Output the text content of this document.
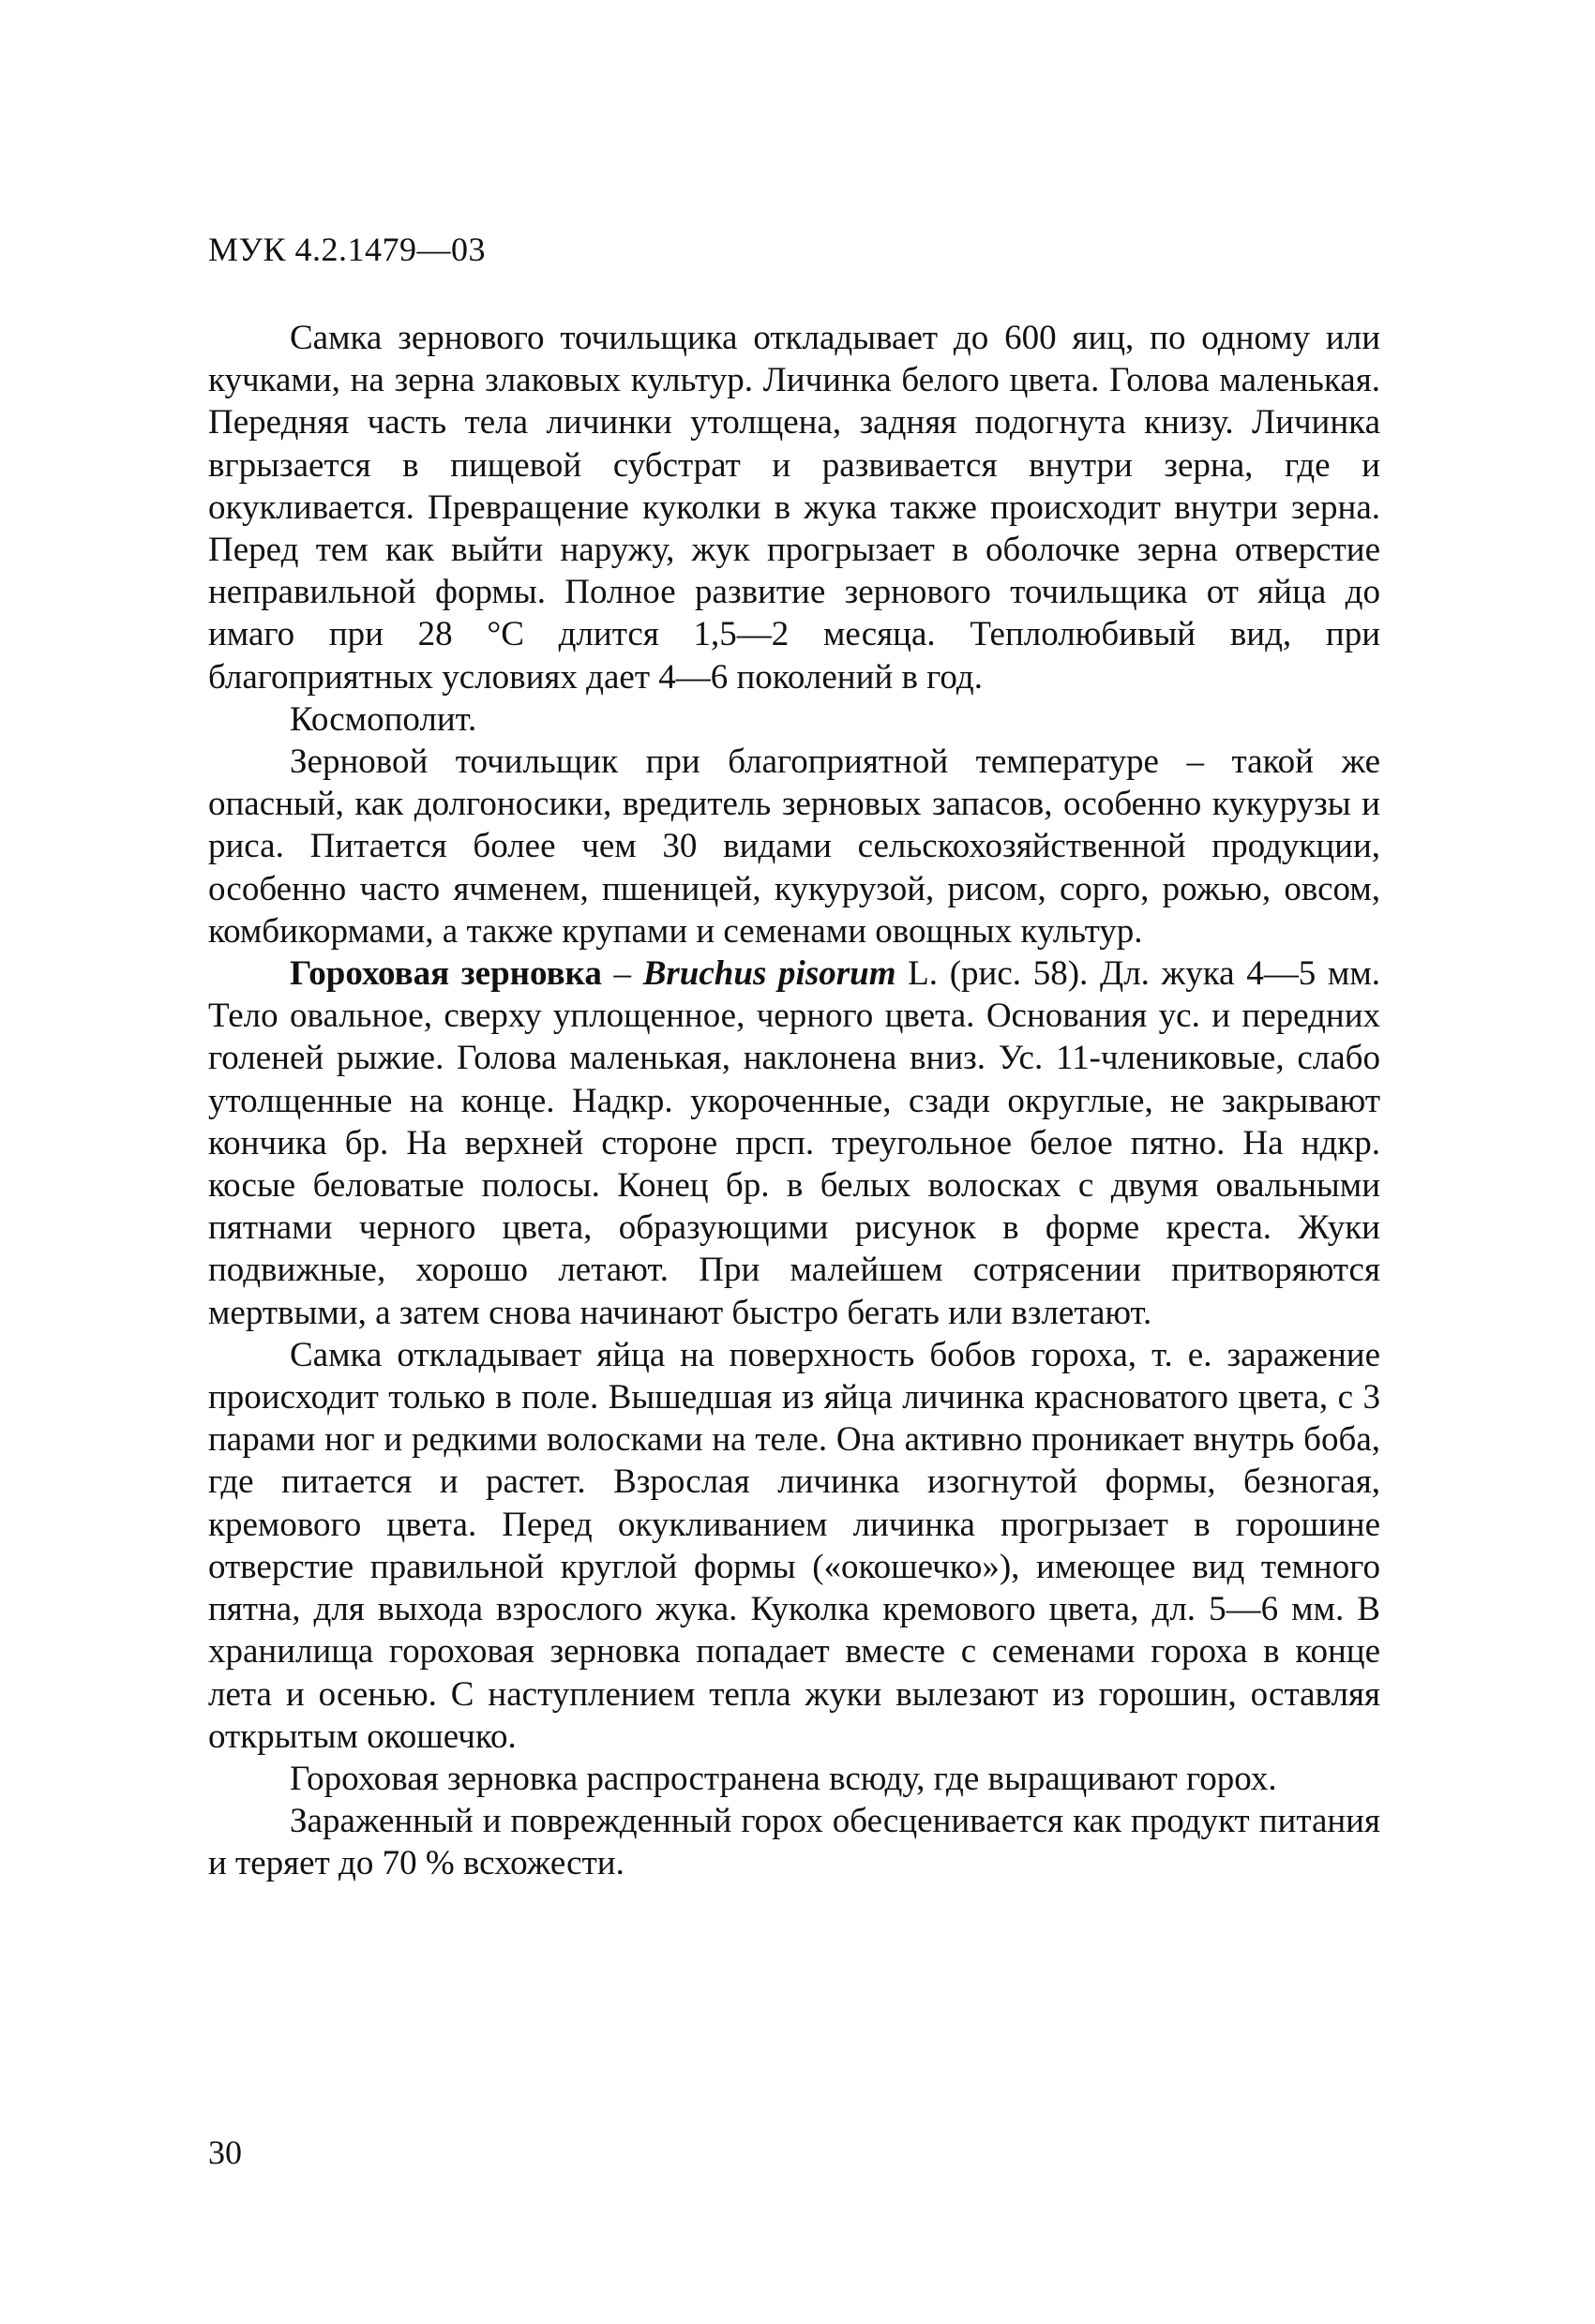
МУК 4.2.1479—03

Самка зернового точильщика откладывает до 600 яиц, по одному или кучками, на зерна злаковых культур. Личинка белого цвета. Голова маленькая. Передняя часть тела личинки утолщена, задняя подогнута книзу. Личинка вгрызается в пищевой субстрат и развивается внутри зерна, где и окукливается. Превращение куколки в жука также происходит внутри зерна. Перед тем как выйти наружу, жук прогрызает в оболочке зерна отверстие неправильной формы. Полное развитие зернового точильщика от яйца до имаго при 28 °С длится 1,5—2 месяца. Теплолюбивый вид, при благоприятных условиях дает 4—6 поколений в год.

Космополит.

Зерновой точильщик при благоприятной температуре – такой же опасный, как долгоносики, вредитель зерновых запасов, особенно кукурузы и риса. Питается более чем 30 видами сельскохозяйственной продукции, особенно часто ячменем, пшеницей, кукурузой, рисом, сорго, рожью, овсом, комбикормами, а также крупами и семенами овощных культур.

Гороховая зерновка – Bruchus pisorum L. (рис. 58). Дл. жука 4—5 мм. Тело овальное, сверху уплощенное, черного цвета. Основания ус. и передних голеней рыжие. Голова маленькая, наклонена вниз. Ус. 11-члениковые, слабо утолщенные на конце. Надкр. укороченные, сзади округлые, не закрывают кончика бр. На верхней стороне прсп. треугольное белое пятно. На ндкр. косые беловатые полосы. Конец бр. в белых волосках с двумя овальными пятнами черного цвета, образующими рисунок в форме креста. Жуки подвижные, хорошо летают. При малейшем сотрясении притворяются мертвыми, а затем снова начинают быстро бегать или взлетают.

Самка откладывает яйца на поверхность бобов гороха, т. е. заражение происходит только в поле. Вышедшая из яйца личинка красноватого цвета, с 3 парами ног и редкими волосками на теле. Она активно проникает внутрь боба, где питается и растет. Взрослая личинка изогнутой формы, безногая, кремового цвета. Перед окукливанием личинка прогрызает в горошине отверстие правильной круглой формы («окошечко»), имеющее вид темного пятна, для выхода взрослого жука. Куколка кремового цвета, дл. 5—6 мм. В хранилища гороховая зерновка попадает вместе с семенами гороха в конце лета и осенью. С наступлением тепла жуки вылезают из горошин, оставляя открытым окошечко.

Гороховая зерновка распространена всюду, где выращивают горох.

Зараженный и поврежденный горох обесценивается как продукт питания и теряет до 70 % всхожести.

30
